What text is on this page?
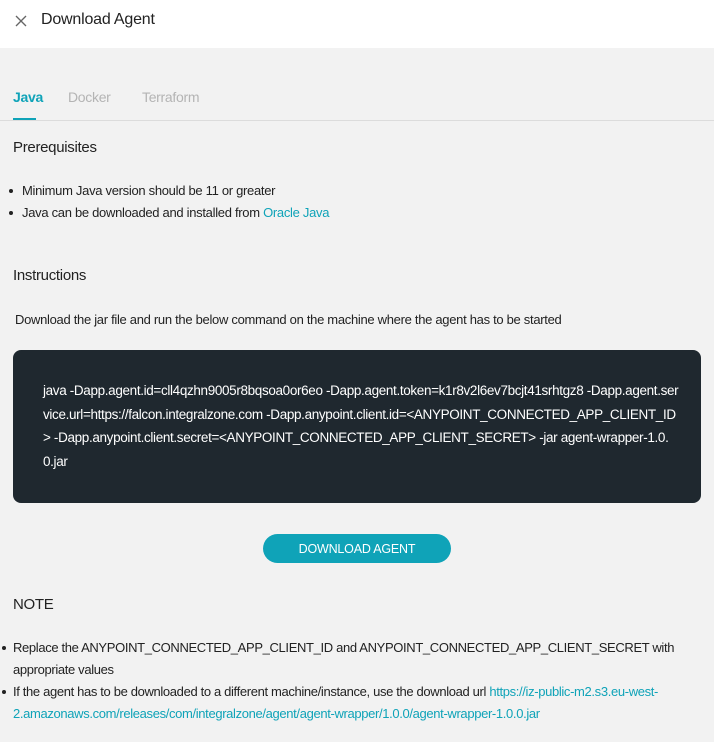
Download Agent
Java Docker Terraform
Prerequisites
Minimum Java version should be 11 or greater
Java can be downloaded and installed from Oracle Java
Instructions
Download the jar file and run the below command on the machine where the agent has to be started
java -Dapp.agent.id=cll4qzhn9005r8bqsoa0or6eo -Dapp.agent.token=k1r8v2l6ev7bcjt41srhtgz8 -Dapp.agent.service.url=https://falcon.integralzone.com -Dapp.anypoint.client.id=<ANYPOINT_CONNECTED_APP_CLIENT_ID> -Dapp.anypoint.client.secret=<ANYPOINT_CONNECTED_APP_CLIENT_SECRET> -jar agent-wrapper-1.0.0.jar
DOWNLOAD AGENT
NOTE
Replace the ANYPOINT_CONNECTED_APP_CLIENT_ID and ANYPOINT_CONNECTED_APP_CLIENT_SECRET with appropriate values
If the agent has to be downloaded to a different machine/instance, use the download url https://iz-public-m2.s3.eu-west-2.amazonaws.com/releases/com/integralzone/agent/agent-wrapper/1.0.0/agent-wrapper-1.0.0.jar
